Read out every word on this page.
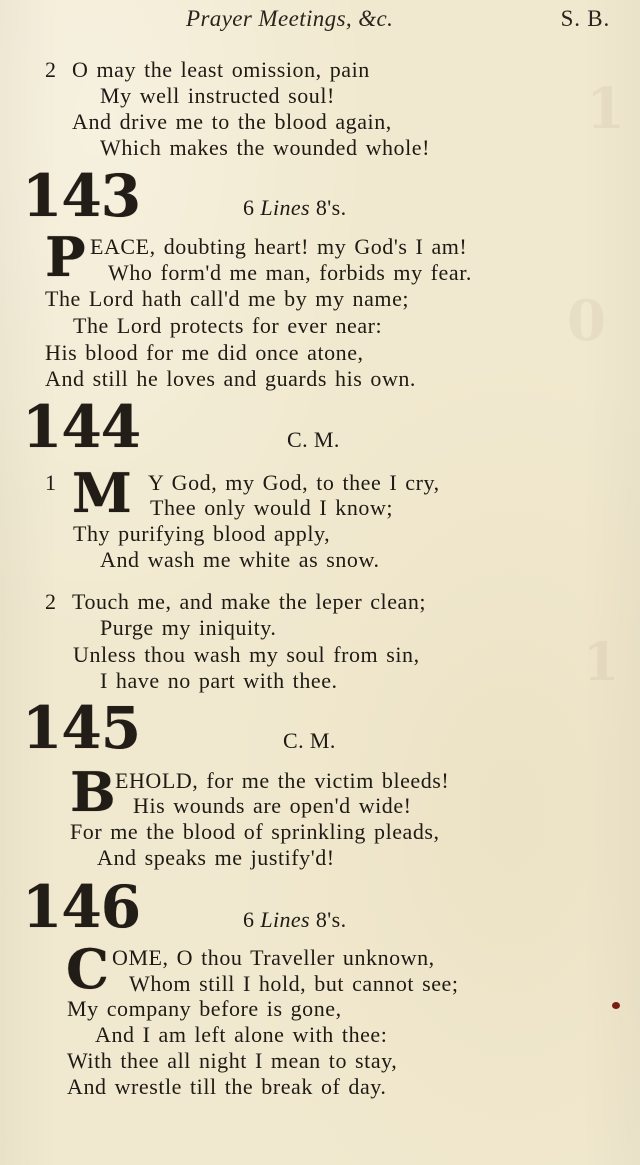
Prayer Meetings, &c.	S. B.
2 O may the least omission, pain
My well instructed soul!
And drive me to the blood again,
Which makes the wounded whole!
143	6 Lines 8's.
P EACE, doubting heart! my God's I am!
Who form'd me man, forbids my fear.
The Lord hath call'd me by my name;
The Lord protects for ever near:
His blood for me did once atone,
And still he loves and guards his own.
144	C. M.
1 M Y God, my God, to thee I cry,
Thee only would I know;
Thy purifying blood apply,
And wash me white as snow.
2 Touch me, and make the leper clean;
Purge my iniquity.
Unless thou wash my soul from sin,
I have no part with thee.
145	C. M.
B EHOLD, for me the victim bleeds!
His wounds are open'd wide!
For me the blood of sprinkling pleads,
And speaks me justify'd!
146	6 Lines 8's.
C OME, O thou Traveller unknown,
Whom still I hold, but cannot see;
My company before is gone,
And I am left alone with thee:
With thee all night I mean to stay,
And wrestle till the break of day.
